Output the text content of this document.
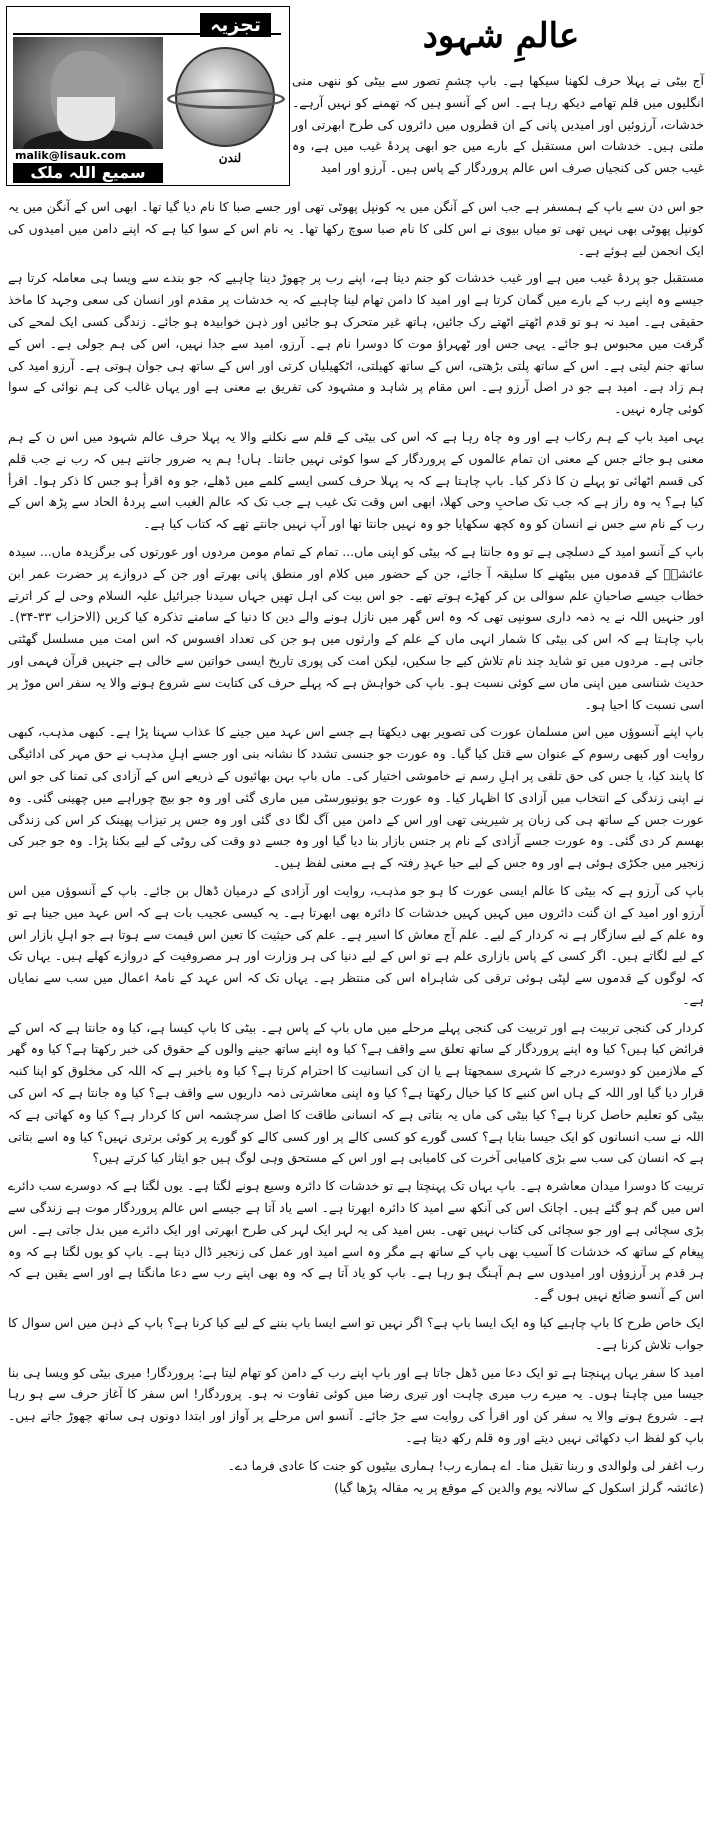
تجزیہ
لندن
malik@lisauk.com
سمیع اللہ ملک
عالمِ شہود

آج بیٹی نے پہلا حرف لکھنا سیکھا ہے۔ باپ چشمِ تصور سے بیٹی کو ننھی منی انگلیوں میں قلم تھامے دیکھ رہا ہے۔ اس کے آنسو ہیں کہ تھمنے کو نہیں آرہے۔ خدشات، آرزوئیں اور امیدیں پانی کے ان قطروں میں دائروں کی طرح ابھرتی اور ملتی ہیں۔ خدشات اس مستقبل کے بارے میں جو ابھی پردۂ غیب میں ہے، وہ غیب جس کی کنجیاں صرف اس عالم پروردگار کے پاس ہیں۔ آرزو اور امید

جو اس دن سے باپ کے ہمسفر ہے جب اس کے آنگن میں یہ کونپل پھوٹی تھی اور جسے صبا کا نام دیا گیا تھا۔ ابھی اس کے آنگن میں یہ کونپل پھوٹی بھی نہیں تھی تو میاں بیوی نے اس کلی کا نام صبا سوچ رکھا تھا۔ یہ نام اس کے سوا کیا ہے کہ اپنے دامن میں امیدوں کی ایک انجمن لیے ہوئے ہے۔

مستقبل جو پردۂ غیب میں ہے اور غیب خدشات کو جنم دیتا ہے، اپنے رب پر چھوڑ دینا چاہیے کہ جو بندے سے ویسا ہی معاملہ کرتا ہے جیسے وہ اپنے رب کے بارے میں گمان کرتا ہے اور امید کا دامن تھام لینا چاہیے کہ یہ خدشات پر مقدم اور انسان کی سعی وجہد کا ماخذ حقیقی ہے۔ امید نہ ہو تو قدم اٹھتے اٹھتے رک جائیں، ہاتھ غیر متحرک ہو جائیں اور ذہن خوابیدہ ہو جائے۔ زندگی کسی ایک لمحے کی گرفت میں محبوس ہو جائے۔ یہی جس اور ٹھہراؤ موت کا دوسرا نام ہے۔ آرزو، امید سے جدا نہیں، اس کی ہم جولی ہے۔ اس کے ساتھ جنم لیتی ہے۔ اس کے ساتھ پلتی بڑھتی، اس کے ساتھ کھیلتی، اٹکھیلیاں کرتی اور اس کے ساتھ ہی جوان ہوتی ہے۔ آرزو امید کی ہم زاد ہے۔ امید ہے جو در اصل آرزو ہے۔ اس مقام پر شاہد و مشہود کی تفریق بے معنی ہے اور یہاں غالب کی ہم نوائی کے سوا کوئی چارہ نہیں۔

یہی امید باپ کے ہم رکاب ہے اور وہ چاہ رہا ہے کہ اس کی بیٹی کے قلم سے نکلنے والا یہ پہلا حرف عالم شہود میں اس ن کے ہم معنی ہو جائے جس کے معنی ان تمام عالموں کے پروردگار کے سوا کوئی نہیں جانتا۔ ہاں! ہم یہ ضرور جانتے ہیں کہ رب نے جب قلم کی قسم اٹھائی تو پہلے ن کا ذکر کیا۔ باپ چاہتا ہے کہ یہ پہلا حرف کسی ایسے کلمے میں ڈھلے، جو وہ اقرأ ہو جس کا ذکر ہوا۔ اقرأ کیا ہے؟ یہ وہ راز ہے کہ جب تک صاحبِ وحی کھلا، ابھی اس وقت تک غیب ہے جب تک کہ عالم الغیب اسے پردۂ الحاد سے پڑھ اس کے رب کے نام سے جس نے انسان کو وہ کچھ سکھایا جو وہ نہیں جانتا تھا اور آپ نہیں جانتے تھے کہ کتاب کیا ہے۔

باپ کے آنسو امید کے دسلچی ہے تو وہ جانتا ہے کہ بیٹی کو اپنی ماں... تمام کے تمام مومن مردوں اور عورتوں کی برگزیدہ ماں... سیدہ عائشہؓ کے قدموں میں بیٹھنے کا سلیقہ آ جائے، جن کے حضور میں کلام اور منطق پانی بھرتے اور جن کے دروازے پر حضرت عمر ابن خطاب جیسے صاحبانِ علم سوالی بن کر کھڑے ہوتے تھے۔ جو اس بیت کی اہل تھیں جہاں سیدنا جبرائیل علیہ السلام وحی لے کر اترتے اور جنہیں اللہ نے یہ ذمہ داری سونپی تھی کہ وہ اس گھر میں نازل ہونے والے دین کا دنیا کے سامنے تذکرہ کیا کریں (الاحزاب ۳۳-۳۴)۔ باپ چاہتا ہے کہ اس کی بیٹی کا شمار انہی ماں کے علم کے وارثوں میں ہو جن کی تعداد افسوس کہ اس امت میں مسلسل گھٹتی جاتی ہے۔ مردوں میں تو شاید چند نام تلاش کیے جا سکیں، لیکن امت کی پوری تاریخ ایسی خواتین سے خالی ہے جنہیں قرآن فہمی اور حدیث شناسی میں اپنی ماں سے کوئی نسبت ہو۔ باپ کی خواہش ہے کہ پہلے حرف کی کتابت سے شروع ہونے والا یہ سفر اس موڑ پر اسی نسبت کا احیا ہو۔

باپ اپنے آنسوؤں میں اس مسلمان عورت کی تصویر بھی دیکھتا ہے جسے اس عہد میں جینے کا عذاب سہنا پڑا ہے۔ کبھی مذہب، کبھی روایت اور کبھی رسوم کے عنوان سے قتل کیا گیا۔ وہ عورت جو جنسی تشدد کا نشانہ بنی اور جسے اہلِ مذہب نے حق مہر کی ادائیگی کا پابند کیا، یا جس کی حق تلفی پر اہلِ رسم نے خاموشی اختیار کی۔ ماں باپ بہن بھائیوں کے ذریعے اس کے آزادی کی تمنا کی جو اس نے اپنی زندگی کے انتخاب میں آزادی کا اظہار کیا۔ وہ عورت جو یونیورسٹی میں ماری گئی اور وہ جو بیچ چوراہے میں چھینی گئی۔ وہ عورت جس کے ساتھ ہی کی زبان پر شیرینی تھی اور اس کے دامن میں آگ لگا دی گئی اور وہ جس پر تیزاب پھینک کر اس کی زندگی بھسم کر دی گئی۔ وہ عورت جسے آزادی کے نام پر جنس بازار بنا دیا گیا اور وہ جسے دو وقت کی روٹی کے لیے بکنا پڑا۔ وہ جو جبر کی زنجیر میں جکڑی ہوئی ہے اور وہ جس کے لیے حیا عہدِ رفتہ کے ہے معنی لفظ ہیں۔

باپ کی آرزو ہے کہ بیٹی کا عالم ایسی عورت کا ہو جو مذہب، روایت اور آزادی کے درمیان ڈھال بن جائے۔ باپ کے آنسوؤں میں اس آرزو اور امید کے ان گنت دائروں میں کہیں کہیں خدشات کا دائرہ بھی ابھرتا ہے۔ یہ کیسی عجیب بات ہے کہ اس عہد میں جینا ہے تو وہ علم کے لیے سازگار ہے نہ کردار کے لیے۔ علم آج معاش کا اسیر ہے۔ علم کی حیثیت کا تعین اس قیمت سے ہوتا ہے جو اہلِ بازار اس کے لیے لگاتے ہیں۔ اگر کسی کے پاس بازاری علم ہے تو اس کے لیے دنیا کی ہر وزارت اور ہر مصروفیت کے دروازے کھلے ہیں۔ یہاں تک کہ لوگوں کے قدموں سے لپٹی ہوئی ترقی کی شاہراہ اس کی منتظر ہے۔ یہاں تک کہ اس عہد کے نامۂ اعمال میں سب سے نمایاں ہے۔

کردار کی کنجی تربیت ہے اور تربیت کی کنجی پہلے مرحلے میں ماں باپ کے پاس ہے۔ بیٹی کا باپ کیسا ہے، کیا وہ جانتا ہے کہ اس کے فرائض کیا ہیں؟ کیا وہ اپنے پروردگار کے ساتھ تعلق سے واقف ہے؟ کیا وہ اپنے ساتھ جینے والوں کے حقوق کی خبر رکھتا ہے؟ کیا وہ گھر کے ملازمین کو دوسرے درجے کا شہری سمجھتا ہے یا ان کی انسانیت کا احترام کرتا ہے؟ کیا وہ باخبر ہے کہ اللہ کی مخلوق کو اپنا کنبہ قرار دیا گیا اور اللہ کے ہاں اس کنبے کا کیا خیال رکھتا ہے؟ کیا وہ اپنی معاشرتی ذمہ داریوں سے واقف ہے؟ کیا وہ جانتا ہے کہ اس کی بیٹی کو تعلیم حاصل کرنا ہے؟ کیا بیٹی کی ماں یہ بتاتی ہے کہ انسانی طاقت کا اصل سرچشمہ اس کا کردار ہے؟ کیا وہ کھاتی ہے کہ اللہ نے سب انسانوں کو ایک جیسا بنایا ہے؟ کسی گورے کو کسی کالے پر اور کسی کالے کو گورے پر کوئی برتری نہیں؟ کیا وہ اسے بتاتی ہے کہ انسان کی سب سے بڑی کامیابی آخرت کی کامیابی ہے اور اس کے مستحق وہی لوگ ہیں جو ایثار کیا کرتے ہیں؟

تربیت کا دوسرا میدان معاشرہ ہے۔ باپ یہاں تک پہنچتا ہے تو خدشات کا دائرہ وسیع ہونے لگتا ہے۔ یوں لگتا ہے کہ دوسرے سب دائرے اس میں گم ہو گئے ہیں۔ اچانک اس کی آنکھ سے امید کا دائرہ ابھرتا ہے۔ اسے یاد آتا ہے جیسے اس عالم پروردگار موت ہے زندگی سے بڑی سچائی ہے اور جو سچائی کی کتاب نہیں تھی۔ بس امید کی یہ لہر ایک لہر کی طرح ابھرتی اور ایک دائرے میں بدل جاتی ہے۔ اس پیغام کے ساتھ کہ خدشات کا آسیب بھی باپ کے ساتھ ہے مگر وہ اسے امید اور عمل کی زنجیر ڈال دیتا ہے۔ باپ کو یوں لگتا ہے کہ وہ ہر قدم پر آرزوؤں اور امیدوں سے ہم آہنگ ہو رہا ہے۔ باپ کو یاد آتا ہے کہ وہ بھی اپنے رب سے دعا مانگتا ہے اور اسے یقین ہے کہ اس کے آنسو ضائع نہیں ہوں گے۔

ایک خاص طرح کا باپ چاہیے کیا وہ ایک ایسا باپ ہے؟ اگر نہیں تو اسے ایسا باپ بننے کے لیے کیا کرنا ہے؟ باپ کے ذہن میں اس سوال کا جواب تلاش کرنا ہے۔

امید کا سفر یہاں پہنچتا ہے تو ایک دعا میں ڈھل جاتا ہے اور باپ اپنے رب کے دامن کو تھام لیتا ہے: پروردگار! میری بیٹی کو ویسا ہی بنا جیسا میں چاہتا ہوں۔ یہ میرے رب میری چاہت اور تیری رضا میں کوئی تفاوت نہ ہو۔ پروردگار! اس سفر کا آغاز حرف سے ہو رہا ہے۔ شروع ہونے والا یہ سفر کن اور اقرأ کی روایت سے جڑ جائے۔ آنسو اس مرحلے پر آواز اور ابتدا دونوں ہی ساتھ چھوڑ جاتے ہیں۔ باپ کو لفظ اب دکھائی نہیں دیتے اور وہ قلم رکھ دیتا ہے۔

رب اغفر لی ولوالدی و ربنا تقبل منا۔ اے ہمارے رب! ہماری بیٹیوں کو جنت کا عادی فرما دے۔

(عائشہ گرلز اسکول کے سالانہ یوم والدین کے موقع پر یہ مقالہ پڑھا گیا)
